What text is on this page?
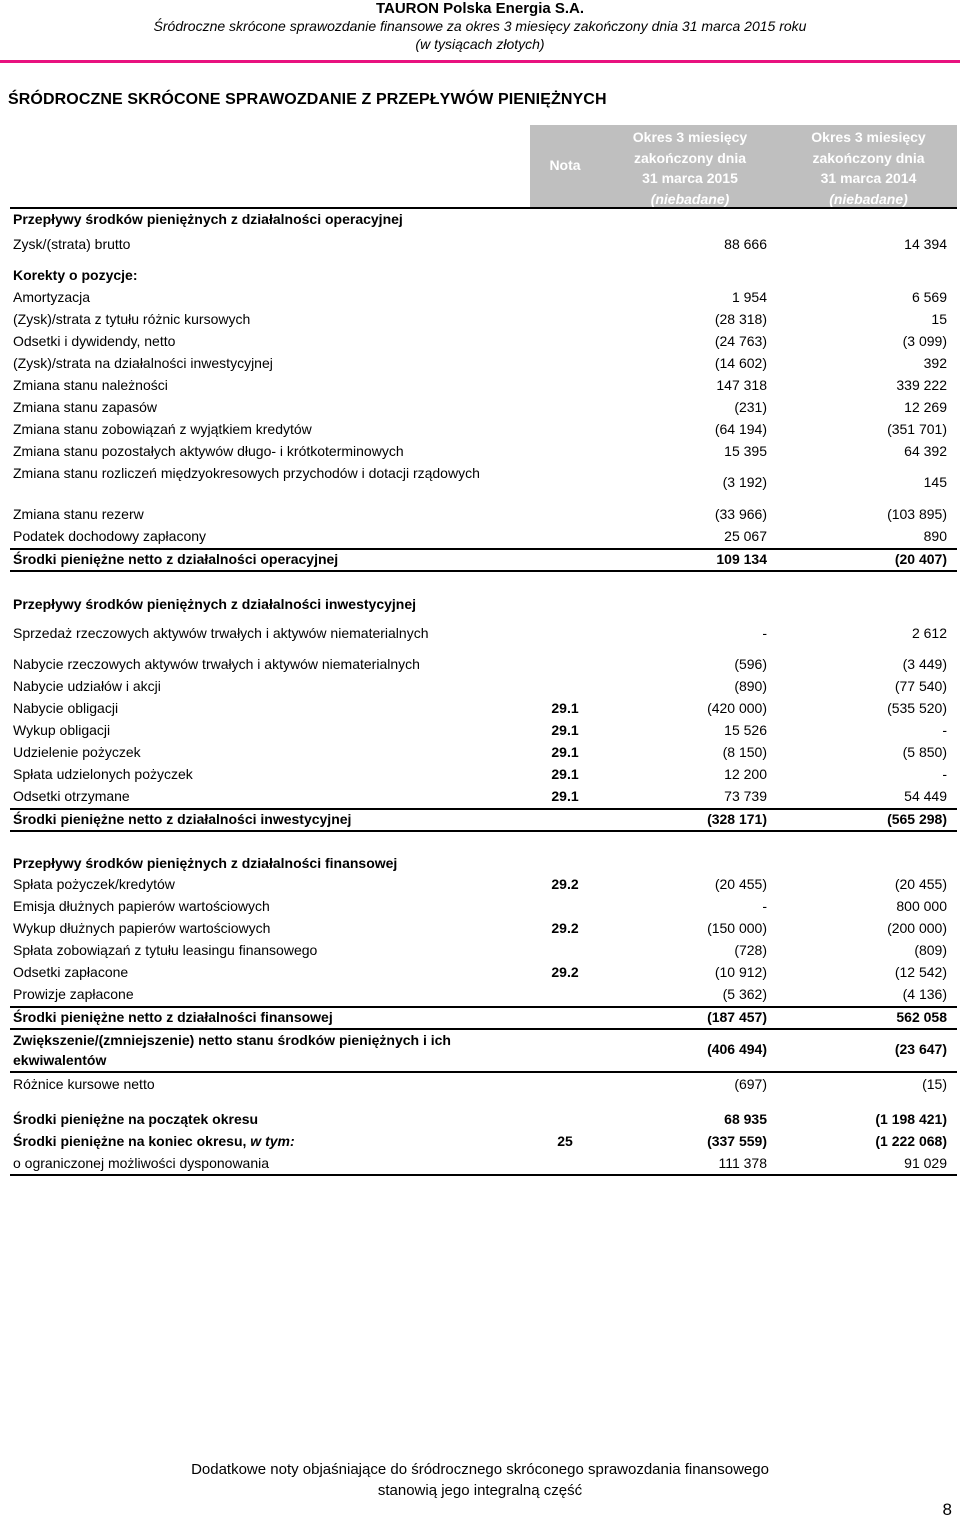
TAURON Polska Energia S.A.
Śródroczne skrócone sprawozdanie finansowe za okres 3 miesięcy zakończony dnia 31 marca 2015 roku
(w tysiącach złotych)
ŚRÓDROCZNE SKRÓCONE SPRAWOZDANIE Z PRZEPŁYWÓW PIENIĘŻNYCH
Nota
Okres 3 miesięcy
zakończony dnia
31 marca 2015
(niebadane)
Okres 3 miesięcy
zakończony dnia
31 marca 2014
(niebadane)
Przepływy środków pieniężnych z działalności operacyjnej
Zysk/(strata) brutto	88 666	14 394
Korekty o pozycje:
Amortyzacja	1 954	6 569
(Zysk)/strata z tytułu różnic kursowych	(28 318)	15
Odsetki i dywidendy, netto	(24 763)	(3 099)
(Zysk)/strata na działalności inwestycyjnej	(14 602)	392
Zmiana stanu należności	147 318	339 222
Zmiana stanu zapasów	(231)	12 269
Zmiana stanu zobowiązań z wyjątkiem kredytów	(64 194)	(351 701)
Zmiana stanu pozostałych aktywów długo- i krótkoterminowych	15 395	64 392
Zmiana stanu rozliczeń międzyokresowych przychodów i dotacji rządowych
(3 192)	145
Zmiana stanu rezerw	(33 966)	(103 895)
Podatek dochodowy zapłacony	25 067	890
Środki pieniężne netto z działalności operacyjnej	109 134	(20 407)
Przepływy środków pieniężnych z działalności inwestycyjnej
Sprzedaż rzeczowych aktywów trwałych i aktywów niematerialnych	-	2 612
Nabycie rzeczowych aktywów trwałych i aktywów niematerialnych	(596)	(3 449)
Nabycie udziałów i akcji	(890)	(77 540)
Nabycie obligacji	29.1	(420 000)	(535 520)
Wykup obligacji	29.1	15 526	-
Udzielenie pożyczek	29.1	(8 150)	(5 850)
Spłata udzielonych pożyczek	29.1	12 200	-
Odsetki otrzymane	29.1	73 739	54 449
Środki pieniężne netto z działalności inwestycyjnej	(328 171)	(565 298)
Przepływy środków pieniężnych z działalności finansowej
Spłata pożyczek/kredytów	29.2	(20 455)	(20 455)
Emisja dłużnych papierów wartościowych	-	800 000
Wykup dłużnych papierów wartościowych	29.2	(150 000)	(200 000)
Spłata zobowiązań z tytułu leasingu finansowego	(728)	(809)
Odsetki zapłacone	29.2	(10 912)	(12 542)
Prowizje zapłacone	(5 362)	(4 136)
Środki pieniężne netto z działalności finansowej	(187 457)	562 058
Zwiększenie/(zmniejszenie) netto stanu środków pieniężnych i ich ekwiwalentów
(406 494)	(23 647)
Różnice kursowe netto	(697)	(15)
Środki pieniężne na początek okresu	68 935	(1 198 421)
Środki pieniężne na koniec okresu, w tym:	25	(337 559)	(1 222 068)
o ograniczonej możliwości dysponowania	111 378	91 029
Dodatkowe noty objaśniające do śródrocznego skróconego sprawozdania finansowego
stanowią jego integralną część
8
